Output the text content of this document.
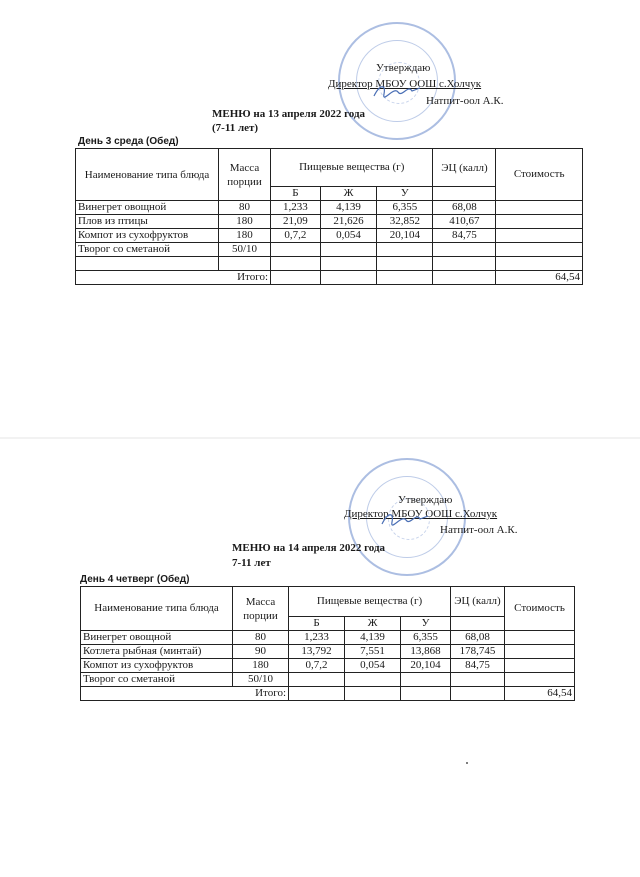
Утверждаю
Директор МБОУ ООШ с.Холчук
Натпит-оол А.К.
МЕНЮ на 13 апреля 2022 года
(7-11 лет)
День 3 среда (Обед)
Наименование типа блюда	Масса порции	Пищевые вещества (г)			ЭЦ (калл)	Стоимость
		Б	Ж	У		
Винегрет овощной	80	1,233	4,139	6,355	68,08	
Плов из птицы	180	21,09	21,626	32,852	410,67	
Компот из сухофруктов	180	0,7,2	0,054	20,104	84,75	
Творог со сметаной	50/10					

Итого:						64,54
Утверждаю
Директор МБОУ ООШ с.Холчук
Натпит-оол А.К.
МЕНЮ на 14 апреля 2022 года
7-11 лет
День 4 четверг (Обед)
Наименование типа блюда	Масса порции	Пищевые вещества (г)			ЭЦ (калл)	Стоимость
		Б	Ж	У		
Винегрет овощной	80	1,233	4,139	6,355	68,08	
Котлета рыбная (минтай)	90	13,792	7,551	13,868	178,745	
Компот из сухофруктов	180	0,7,2	0,054	20,104	84,75	
Творог со сметаной	50/10					
Итого:						64,54
